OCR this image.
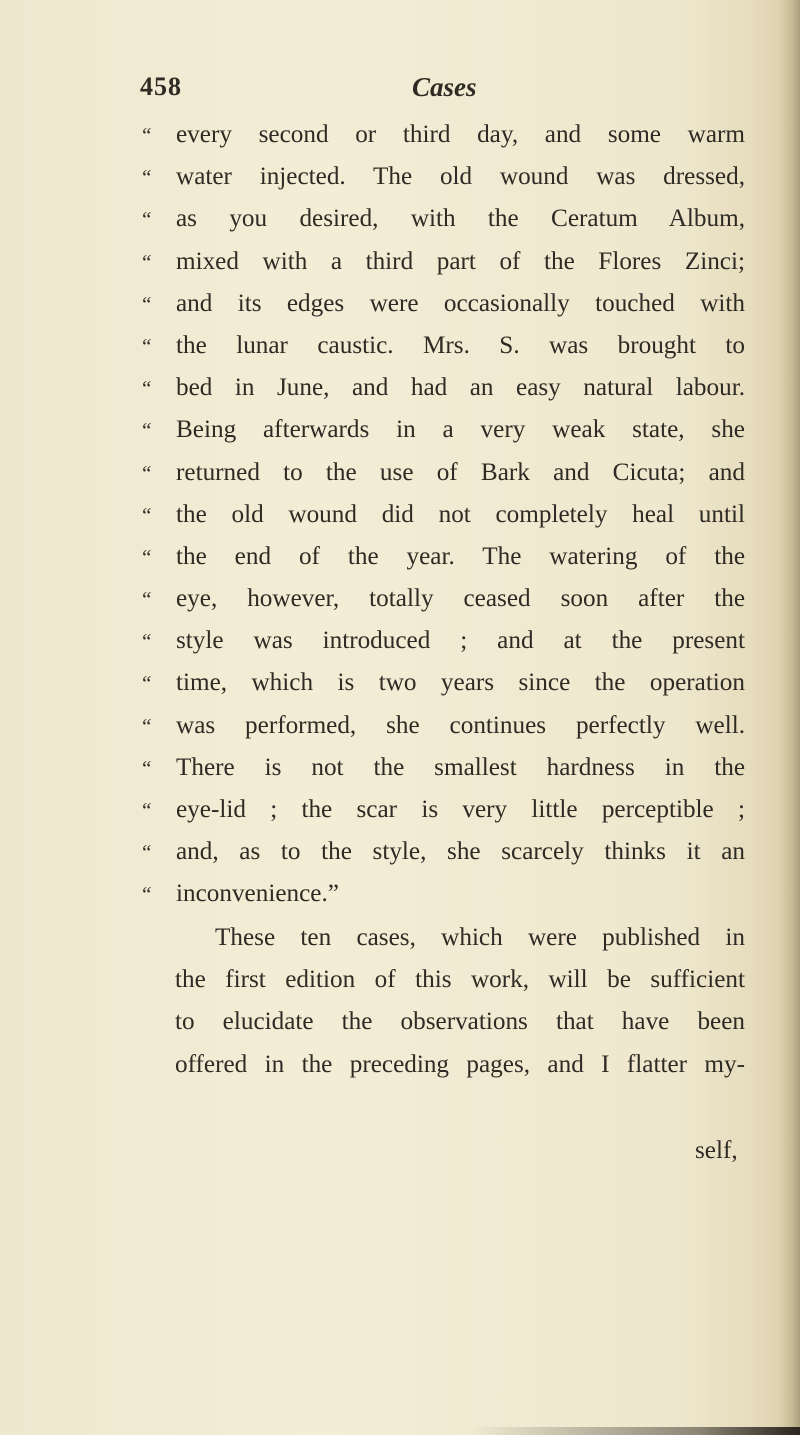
458	Cases
“ every second or third day, and some warm
“ water injected. The old wound was dressed,
“ as you desired, with the Ceratum Album,
“ mixed with a third part of the Flores Zinci;
“ and its edges were occasionally touched with
“ the lunar caustic. Mrs. S. was brought to
“ bed in June, and had an easy natural labour.
“ Being afterwards in a very weak state, she
“ returned to the use of Bark and Cicuta; and
“ the old wound did not completely heal until
“ the end of the year. The watering of the
“ eye, however, totally ceased soon after the
“ style was introduced ; and at the present
“ time, which is two years since the operation
“ was performed, she continues perfectly well.
“ There is not the smallest hardness in the
“ eye-lid ; the scar is very little perceptible ;
“ and, as to the style, she scarcely thinks it an
“ inconvenience.”
These ten cases, which were published in
the first edition of this work, will be sufficient
to elucidate the observations that have been
offered in the preceding pages, and I flatter my-
self,
